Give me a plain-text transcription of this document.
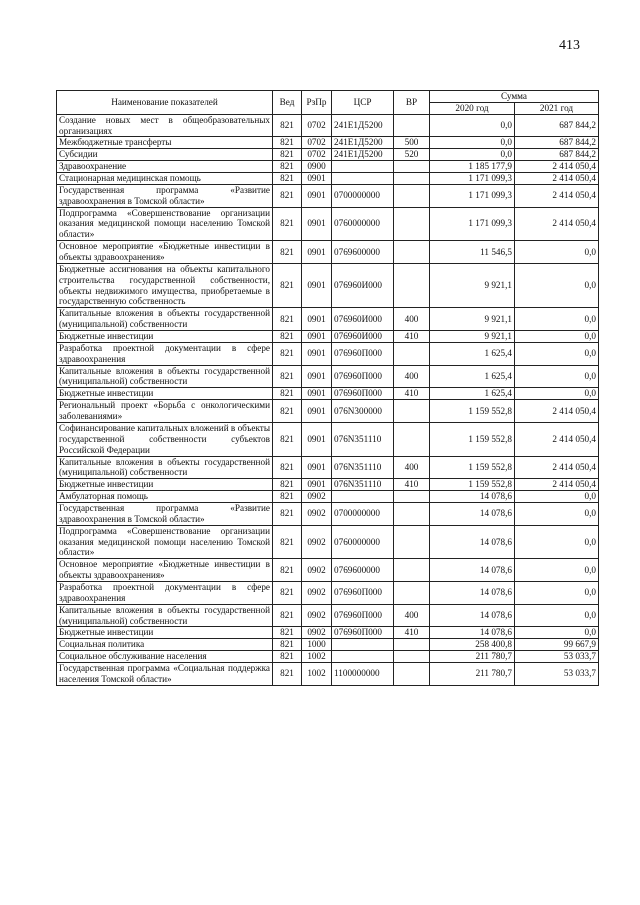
413
Наименование показателей	Вед	РзПр	ЦСР	ВР	Сумма	
					2020 год	2021 год
Создание новых мест в общеобразовательных организациях	821	0702	241Е1Д5200		0,0	687 844,2
Межбюджетные трансферты	821	0702	241Е1Д5200	500	0,0	687 844,2
Субсидии	821	0702	241Е1Д5200	520	0,0	687 844,2
Здравоохранение	821	0900			1 185 177,9	2 414 050,4
Стационарная медицинская помощь	821	0901			1 171 099,3	2 414 050,4
Государственная программа «Развитие здравоохранения в Томской области»	821	0901	0700000000		1 171 099,3	2 414 050,4
Подпрограмма «Совершенствование организации оказания медицинской помощи населению Томской области»	821	0901	0760000000		1 171 099,3	2 414 050,4
Основное мероприятие «Бюджетные инвестиции в объекты здравоохранения»	821	0901	0769600000		11 546,5	0,0
Бюджетные ассигнования на объекты капитального строительства государственной собственности, объекты недвижимого имущества, приобретаемые в государственную собственность	821	0901	076960И000		9 921,1	0,0
Капитальные вложения в объекты государственной (муниципальной) собственности	821	0901	076960И000	400	9 921,1	0,0
Бюджетные инвестиции	821	0901	076960И000	410	9 921,1	0,0
Разработка проектной документации в сфере здравоохранения	821	0901	076960П000		1 625,4	0,0
Капитальные вложения в объекты государственной (муниципальной) собственности	821	0901	076960П000	400	1 625,4	0,0
Бюджетные инвестиции	821	0901	076960П000	410	1 625,4	0,0
Региональный проект «Борьба с онкологическими заболеваниями»	821	0901	076N300000		1 159 552,8	2 414 050,4
Софинансирование капитальных вложений в объекты государственной собственности субъектов Российской Федерации	821	0901	076N351110		1 159 552,8	2 414 050,4
Капитальные вложения в объекты государственной (муниципальной) собственности	821	0901	076N351110	400	1 159 552,8	2 414 050,4
Бюджетные инвестиции	821	0901	076N351110	410	1 159 552,8	2 414 050,4
Амбулаторная помощь	821	0902			14 078,6	0,0
Государственная программа «Развитие здравоохранения в Томской области»	821	0902	0700000000		14 078,6	0,0
Подпрограмма «Совершенствование организации оказания медицинской помощи населению Томской области»	821	0902	0760000000		14 078,6	0,0
Основное мероприятие «Бюджетные инвестиции в объекты здравоохранения»	821	0902	0769600000		14 078,6	0,0
Разработка проектной документации в сфере здравоохранения	821	0902	076960П000		14 078,6	0,0
Капитальные вложения в объекты государственной (муниципальной) собственности	821	0902	076960П000	400	14 078,6	0,0
Бюджетные инвестиции	821	0902	076960П000	410	14 078,6	0,0
Социальная политика	821	1000			258 400,8	99 667,9
Социальное обслуживание населения	821	1002			211 780,7	53 033,7
Государственная программа «Социальная поддержка населения Томской области»	821	1002	1100000000		211 780,7	53 033,7
